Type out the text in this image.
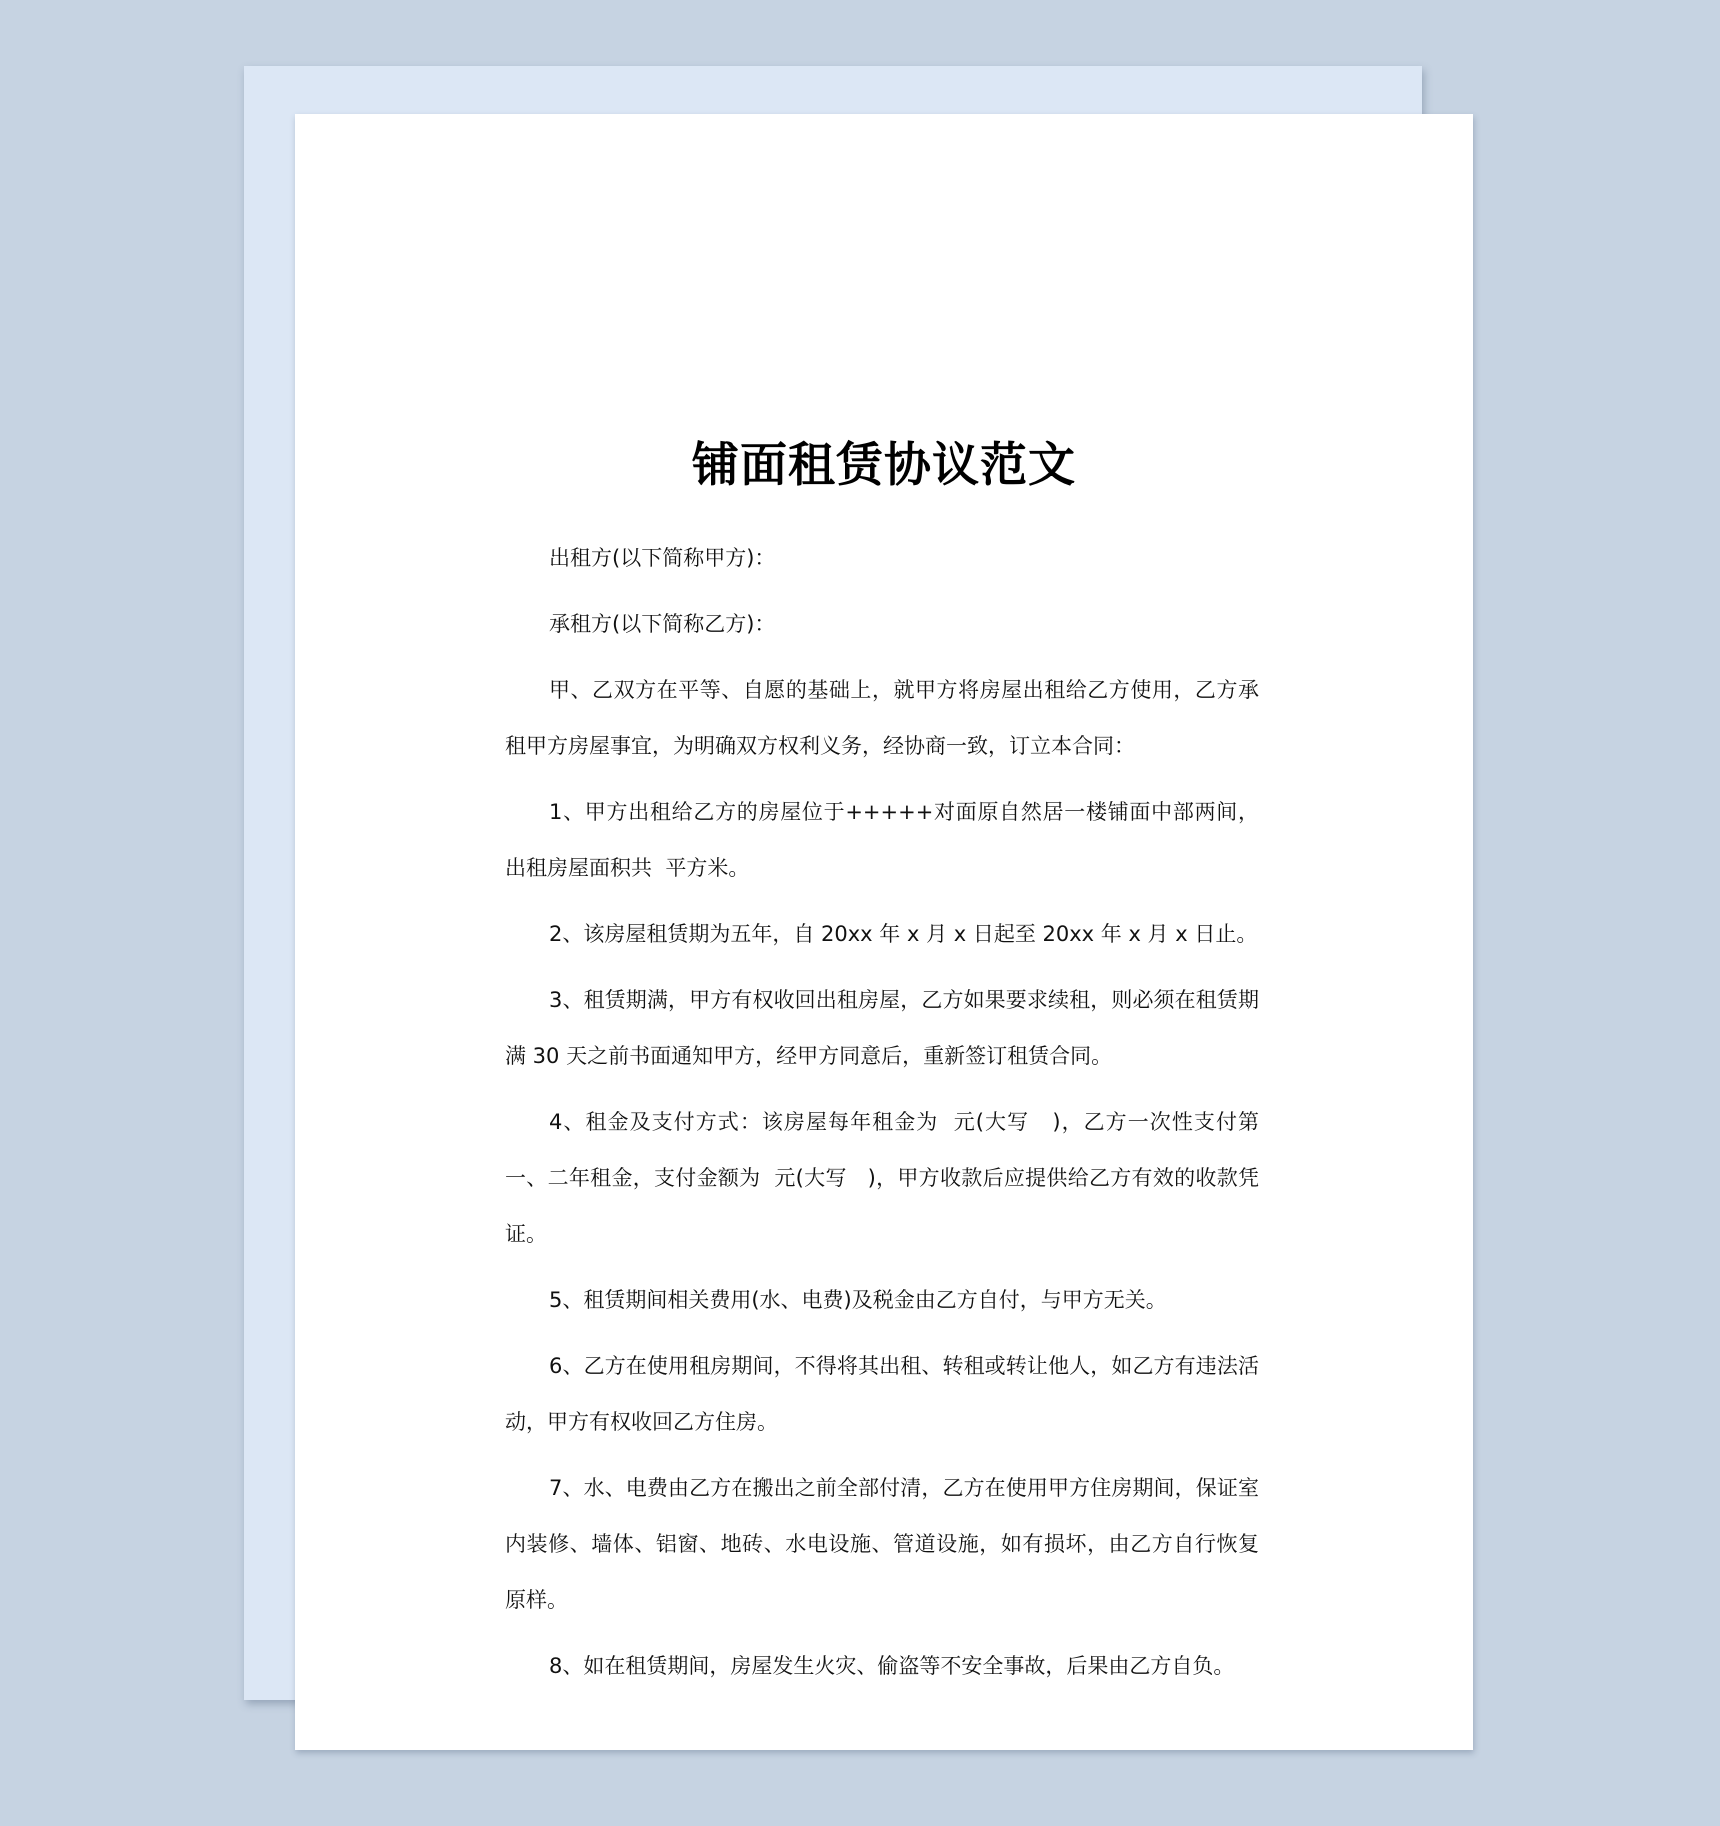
铺面租赁协议范文

出租方(以下简称甲方)：

承租方(以下简称乙方)：

甲、乙双方在平等、自愿的基础上，就甲方将房屋出租给乙方使用，乙方承租甲方房屋事宜，为明确双方权利义务，经协商一致，订立本合同：

1、甲方出租给乙方的房屋位于+++++对面原自然居一楼铺面中部两间，出租房屋面积共  平方米。

2、该房屋租赁期为五年，自 20xx 年 x 月 x 日起至 20xx 年 x 月 x 日止。

3、租赁期满，甲方有权收回出租房屋，乙方如果要求续租，则必须在租赁期满 30 天之前书面通知甲方，经甲方同意后，重新签订租赁合同。

4、租金及支付方式：该房屋每年租金为  元(大写   )，乙方一次性支付第一、二年租金，支付金额为  元(大写   )，甲方收款后应提供给乙方有效的收款凭证。

5、租赁期间相关费用(水、电费)及税金由乙方自付，与甲方无关。

6、乙方在使用租房期间，不得将其出租、转租或转让他人，如乙方有违法活动，甲方有权收回乙方住房。

7、水、电费由乙方在搬出之前全部付清，乙方在使用甲方住房期间，保证室内装修、墙体、铝窗、地砖、水电设施、管道设施，如有损坏，由乙方自行恢复原样。

8、如在租赁期间，房屋发生火灾、偷盗等不安全事故，后果由乙方自负。
